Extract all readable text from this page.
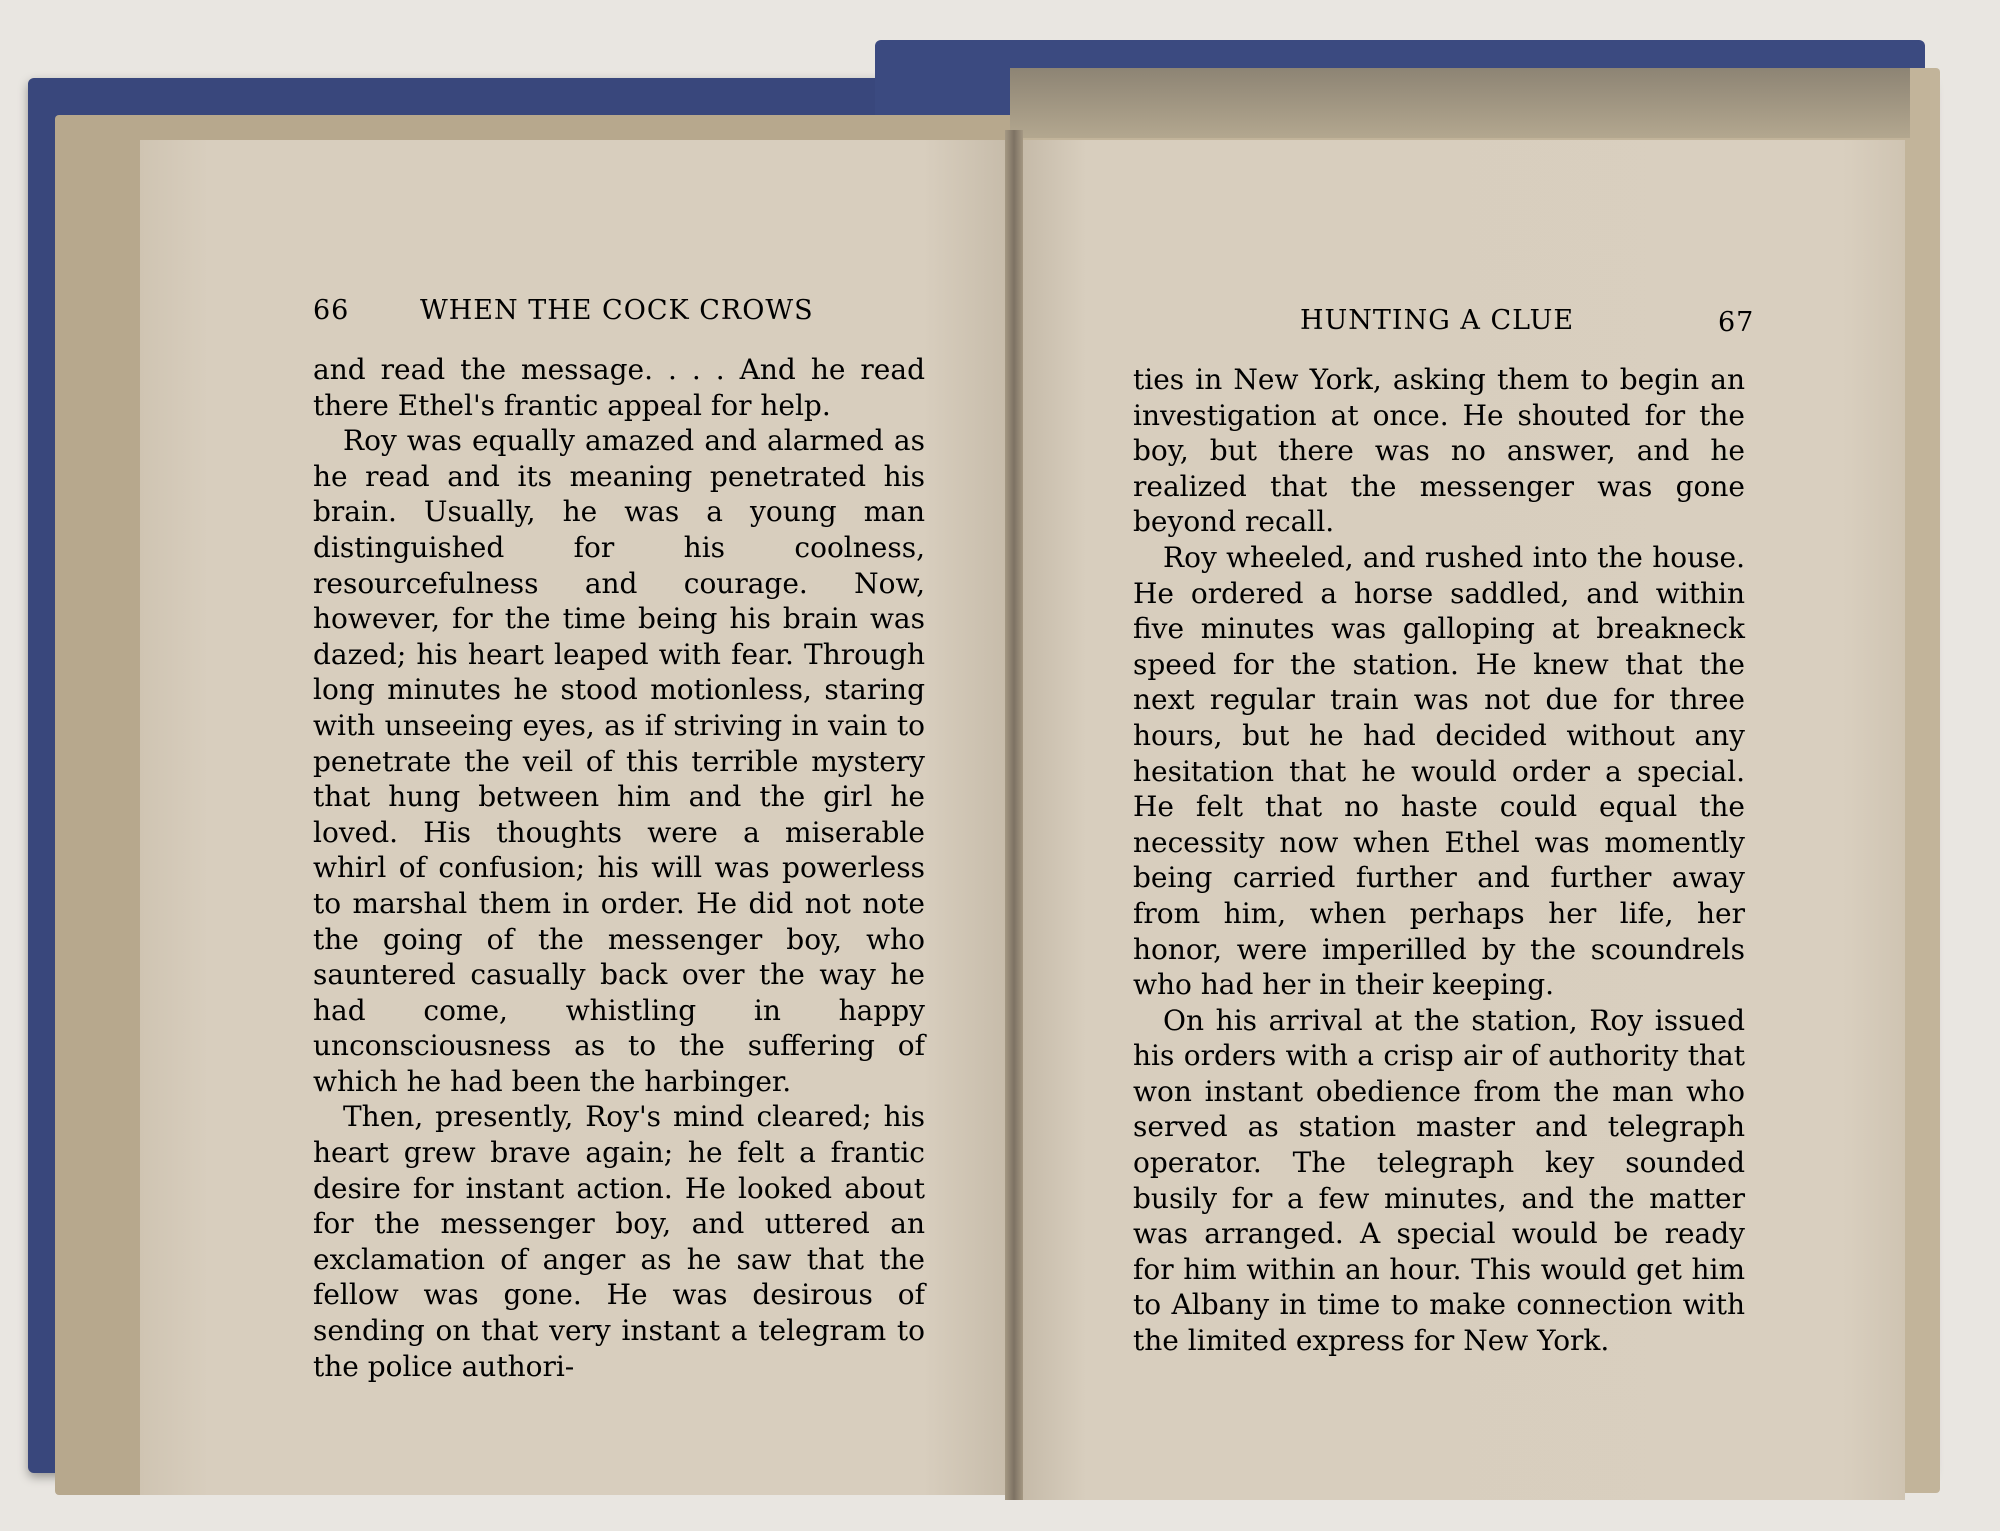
66	WHEN THE COCK CROWS	HUNTING A CLUE	67

and read the message. . . . And he read there Ethel's frantic appeal for help.

Roy was equally amazed and alarmed as he read and its meaning penetrated his brain. Usually, he was a young man distinguished for his coolness, resourcefulness and courage. Now, however, for the time being his brain was dazed; his heart leaped with fear. Through long minutes he stood motionless, staring with unseeing eyes, as if striving in vain to penetrate the veil of this terrible mystery that hung between him and the girl he loved. His thoughts were a miserable whirl of confusion; his will was powerless to marshal them in order. He did not note the going of the messenger boy, who sauntered casually back over the way he had come, whistling in happy unconsciousness as to the suffering of which he had been the harbinger.

Then, presently, Roy's mind cleared; his heart grew brave again; he felt a frantic desire for instant action. He looked about for the messenger boy, and uttered an exclamation of anger as he saw that the fellow was gone. He was desirous of sending on that very instant a telegram to the police authori-

ties in New York, asking them to begin an investigation at once. He shouted for the boy, but there was no answer, and he realized that the messenger was gone beyond recall.

Roy wheeled, and rushed into the house. He ordered a horse saddled, and within five minutes was galloping at breakneck speed for the station. He knew that the next regular train was not due for three hours, but he had decided without any hesitation that he would order a special. He felt that no haste could equal the necessity now when Ethel was momently being carried further and further away from him, when perhaps her life, her honor, were imperilled by the scoundrels who had her in their keeping.

On his arrival at the station, Roy issued his orders with a crisp air of authority that won instant obedience from the man who served as station master and telegraph operator. The telegraph key sounded busily for a few minutes, and the matter was arranged. A special would be ready for him within an hour. This would get him to Albany in time to make connection with the limited express for New York.
